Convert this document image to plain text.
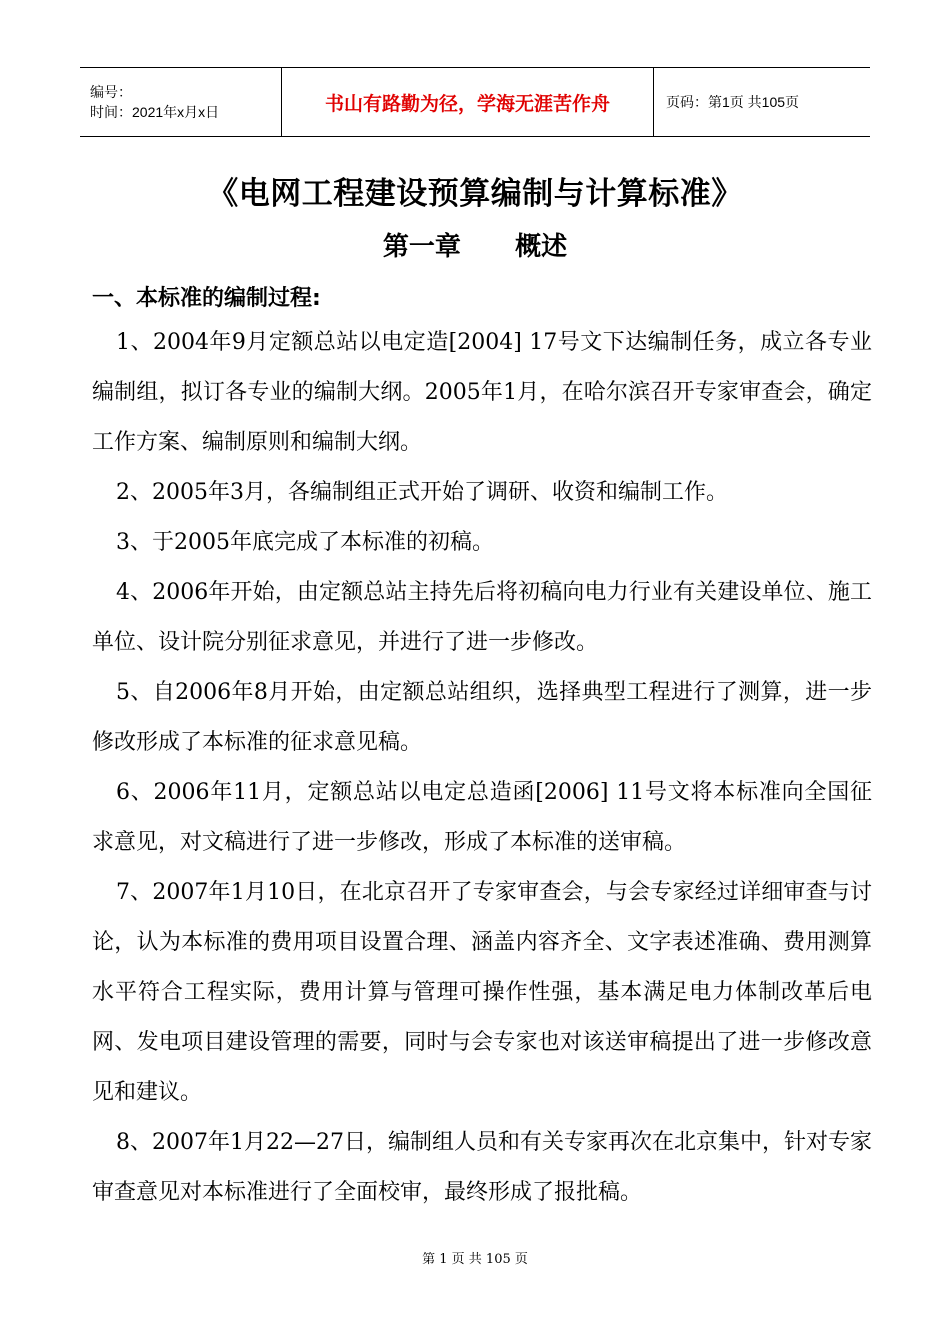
编号：
时间：2021年x月x日	书山有路勤为径，学海无涯苦作舟	页码：第1页 共105页
《电网工程建设预算编制与计算标准》
第一章      概述
一、本标准的编制过程:

1、2004年9月定额总站以电定造[2004] 17号文下达编制任务，成立各专业编制组，拟订各专业的编制大纲。2005年1月，在哈尔滨召开专家审查会，确定工作方案、编制原则和编制大纲。

2、2005年3月，各编制组正式开始了调研、收资和编制工作。

3、于2005年底完成了本标准的初稿。

4、2006年开始，由定额总站主持先后将初稿向电力行业有关建设单位、施工单位、设计院分别征求意见，并进行了进一步修改。

5、自2006年8月开始，由定额总站组织，选择典型工程进行了测算，进一步修改形成了本标准的征求意见稿。

6、2006年11月，定额总站以电定总造函[2006] 11号文将本标准向全国征求意见，对文稿进行了进一步修改，形成了本标准的送审稿。

7、2007年1月10日，在北京召开了专家审查会，与会专家经过详细审查与讨论，认为本标准的费用项目设置合理、涵盖内容齐全、文字表述准确、费用测算水平符合工程实际，费用计算与管理可操作性强，基本满足电力体制改革后电网、发电项目建设管理的需要，同时与会专家也对该送审稿提出了进一步修改意见和建议。

8、2007年1月22—27日，编制组人员和有关专家再次在北京集中，针对专家审查意见对本标准进行了全面校审，最终形成了报批稿。

第 1 页 共 105 页
